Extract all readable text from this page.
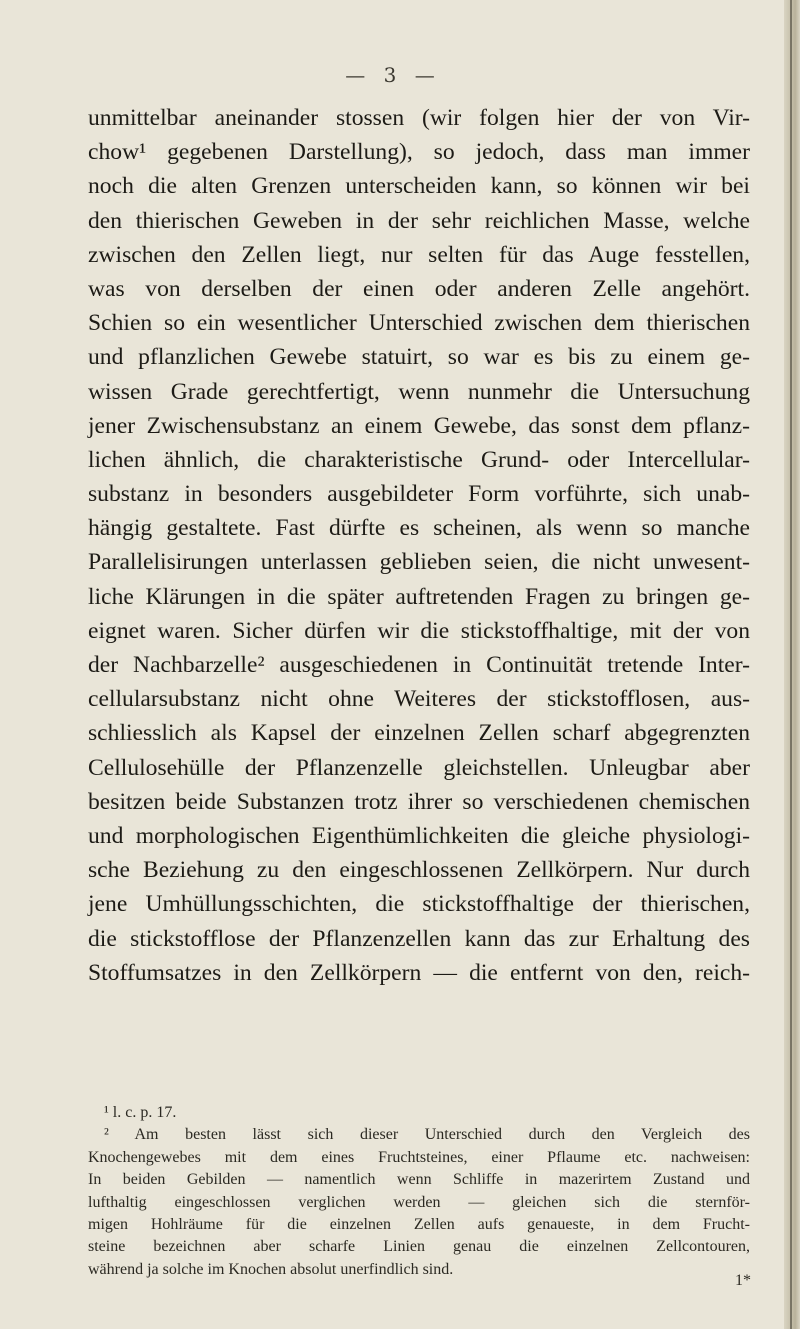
— 3 —
unmittelbar aneinander stossen (wir folgen hier der von Vir-
chow¹ gegebenen Darstellung), so jedoch, dass man immer
noch die alten Grenzen unterscheiden kann, so können wir bei
den thierischen Geweben in der sehr reichlichen Masse, welche
zwischen den Zellen liegt, nur selten für das Auge fesstellen,
was von derselben der einen oder anderen Zelle angehört.
Schien so ein wesentlicher Unterschied zwischen dem thierischen
und pflanzlichen Gewebe statuirt, so war es bis zu einem ge-
wissen Grade gerechtfertigt, wenn nunmehr die Untersuchung
jener Zwischensubstanz an einem Gewebe, das sonst dem pflanz-
lichen ähnlich, die charakteristische Grund- oder Intercellular-
substanz in besonders ausgebildeter Form vorführte, sich unab-
hängig gestaltete. Fast dürfte es scheinen, als wenn so manche
Parallelisirungen unterlassen geblieben seien, die nicht unwesent-
liche Klärungen in die später auftretenden Fragen zu bringen ge-
eignet waren. Sicher dürfen wir die stickstoffhaltige, mit der von
der Nachbarzelle² ausgeschiedenen in Continuität tretende Inter-
cellularsubstanz nicht ohne Weiteres der stickstofflosen, aus-
schliesslich als Kapsel der einzelnen Zellen scharf abgegrenzten
Cellulosehülle der Pflanzenzelle gleichstellen. Unleugbar aber
besitzen beide Substanzen trotz ihrer so verschiedenen chemischen
und morphologischen Eigenthümlichkeiten die gleiche physiologi-
sche Beziehung zu den eingeschlossenen Zellkörpern. Nur durch
jene Umhüllungsschichten, die stickstoffhaltige der thierischen,
die stickstofflose der Pflanzenzellen kann das zur Erhaltung des
Stoffumsatzes in den Zellkörpern — die entfernt von den, reich-
¹ l. c. p. 17.
² Am besten lässt sich dieser Unterschied durch den Vergleich des
Knochengewebes mit dem eines Fruchtsteines, einer Pflaume etc. nachweisen:
In beiden Gebilden — namentlich wenn Schliffe in mazerirtem Zustand und
lufthaltig eingeschlossen verglichen werden — gleichen sich die sternför-
migen Hohlräume für die einzelnen Zellen aufs genaueste, in dem Frucht-
steine bezeichnen aber scharfe Linien genau die einzelnen Zellcontouren,
während ja solche im Knochen absolut unerfindlich sind.
1*
